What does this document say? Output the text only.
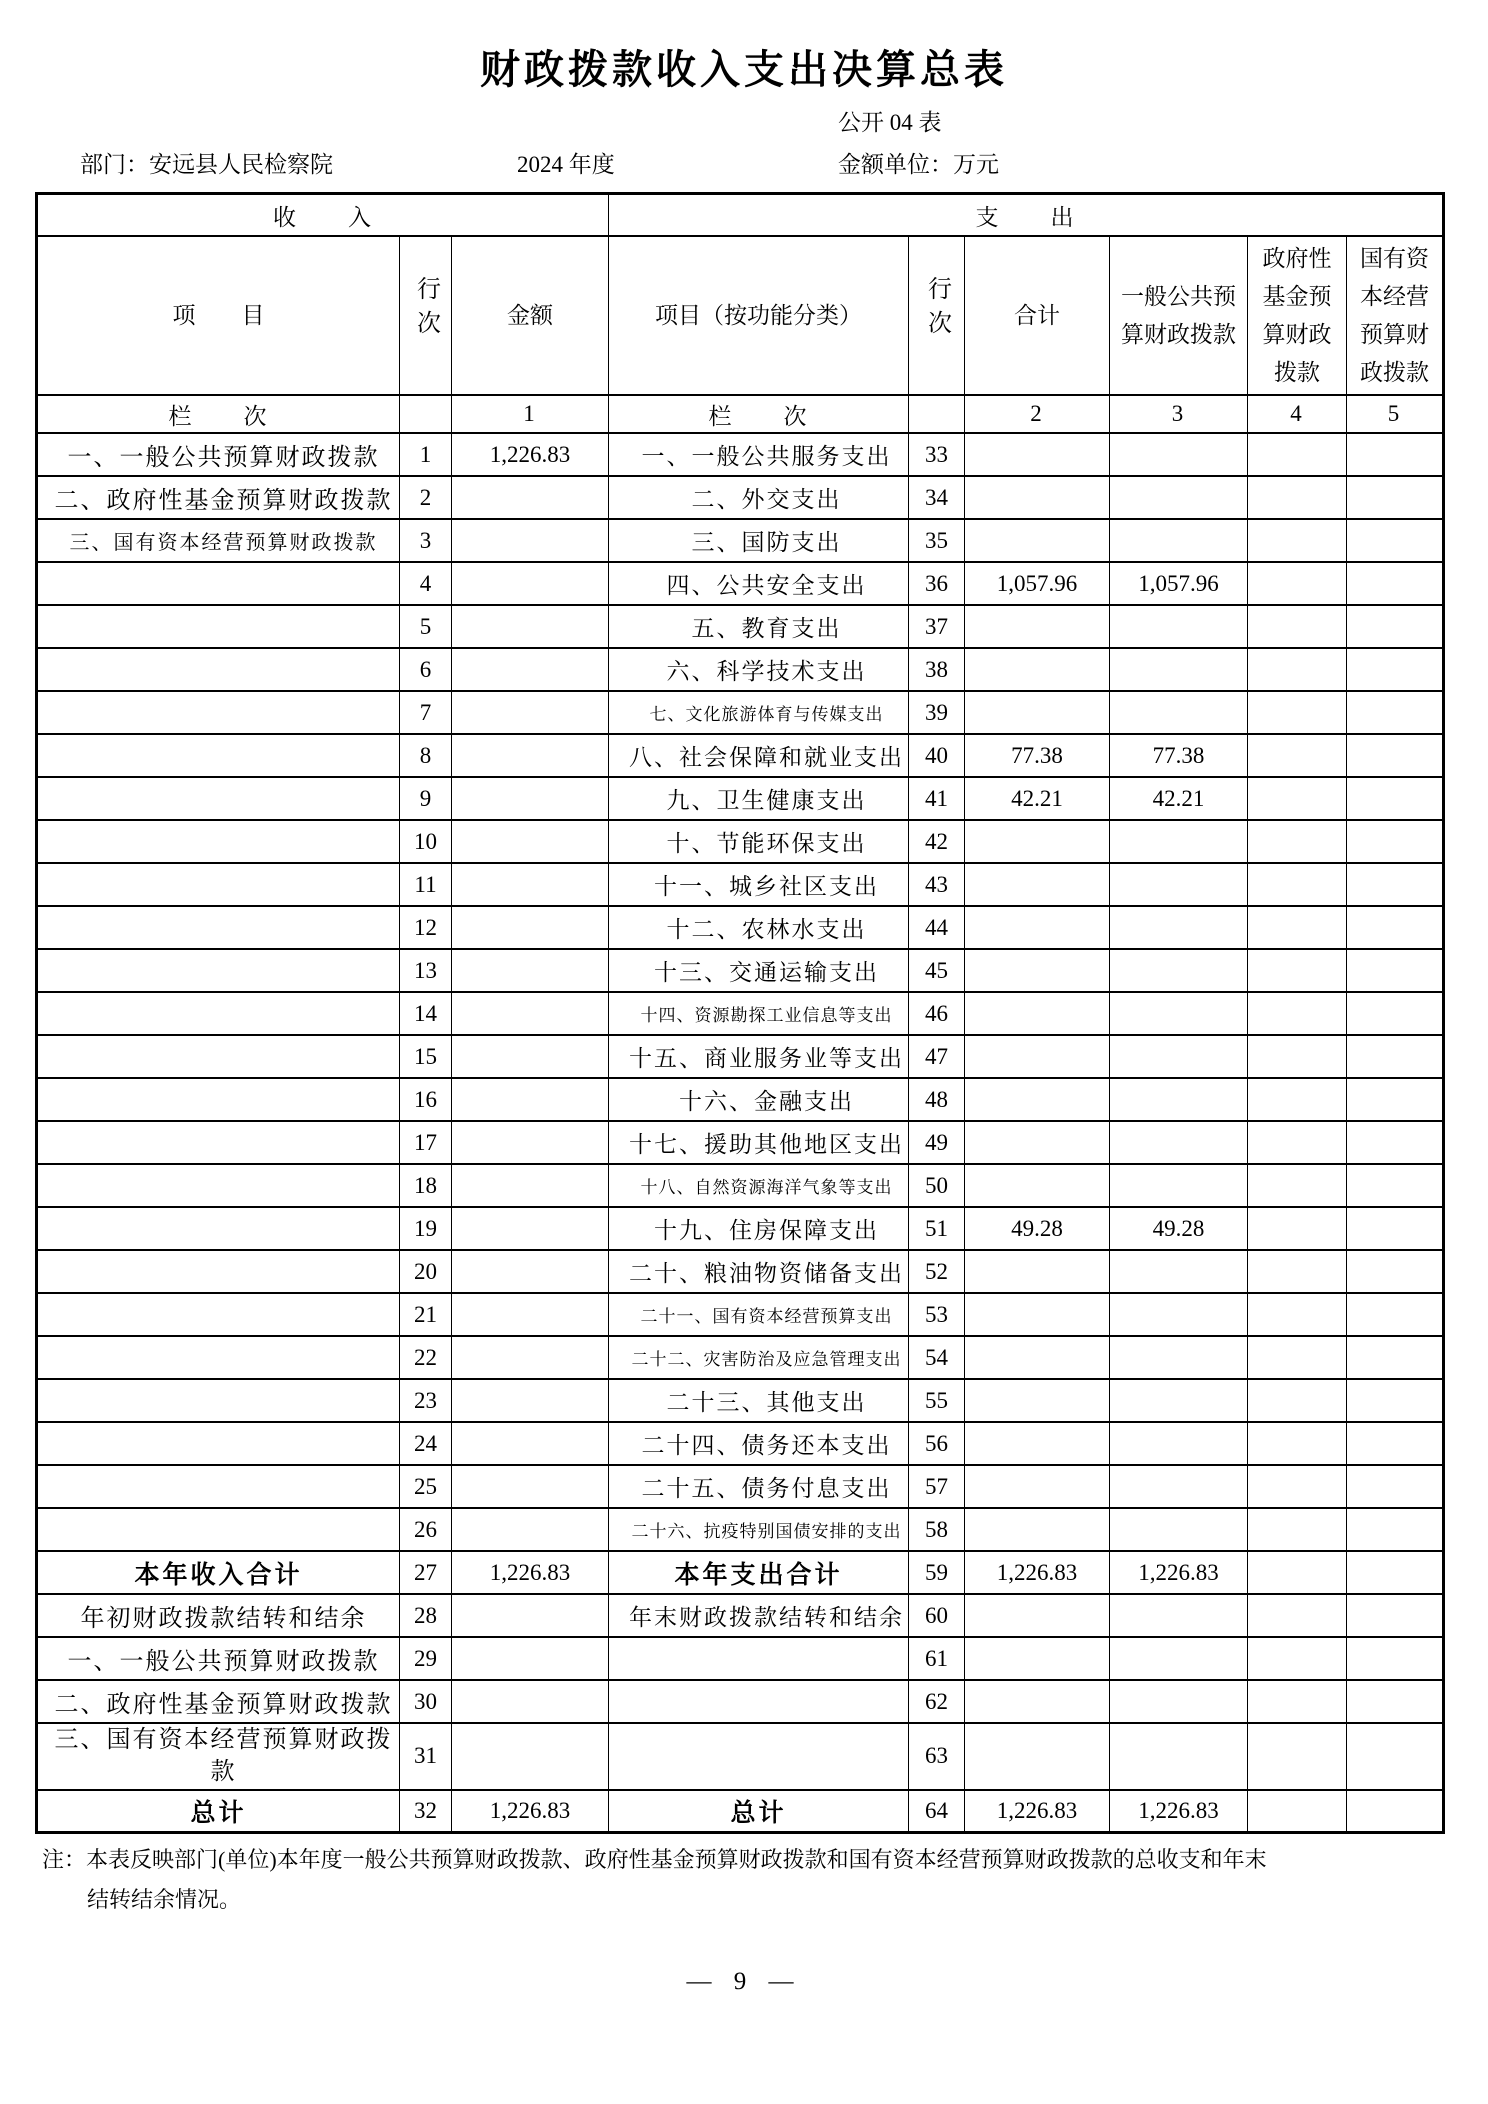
财政拨款收入支出决算总表
公开 04 表
部门：安远县人民检察院	2024 年度	金额单位：万元
收　　入			支　　出					
项　　目	行次	金额	项目（按功能分类）	行次	合计	一般公共预算财政拨款	政府性基金预算财政拨款	国有资本经营预算财政拨款
栏　　次		1	栏　　次		2	3	4	5
一、一般公共预算财政拨款	1	1,226.83	一、一般公共服务支出	33				
二、政府性基金预算财政拨款	2		二、外交支出	34				
三、国有资本经营预算财政拨款	3		三、国防支出	35				
	4		四、公共安全支出	36	1,057.96	1,057.96		
	5		五、教育支出	37				
	6		六、科学技术支出	38				
	7		七、文化旅游体育与传媒支出	39				
	8		八、社会保障和就业支出	40	77.38	77.38		
	9		九、卫生健康支出	41	42.21	42.21		
	10		十、节能环保支出	42				
	11		十一、城乡社区支出	43				
	12		十二、农林水支出	44				
	13		十三、交通运输支出	45				
	14		十四、资源勘探工业信息等支出	46				
	15		十五、商业服务业等支出	47				
	16		十六、金融支出	48				
	17		十七、援助其他地区支出	49				
	18		十八、自然资源海洋气象等支出	50				
	19		十九、住房保障支出	51	49.28	49.28		
	20		二十、粮油物资储备支出	52				
	21		二十一、国有资本经营预算支出	53				
	22		二十二、灾害防治及应急管理支出	54				
	23		二十三、其他支出	55				
	24		二十四、债务还本支出	56				
	25		二十五、债务付息支出	57				
	26		二十六、抗疫特别国债安排的支出	58				
本年收入合计	27	1,226.83	本年支出合计	59	1,226.83	1,226.83		
年初财政拨款结转和结余	28		年末财政拨款结转和结余	60				
一、一般公共预算财政拨款	29			61				
二、政府性基金预算财政拨款	30			62				
三、国有资本经营预算财政拨款	31			63				
总计	32	1,226.83	总计	64	1,226.83	1,226.83		

注：本表反映部门(单位)本年度一般公共预算财政拨款、政府性基金预算财政拨款和国有资本经营预算财政拨款的总收支和年末结转结余情况。

— 9 —
